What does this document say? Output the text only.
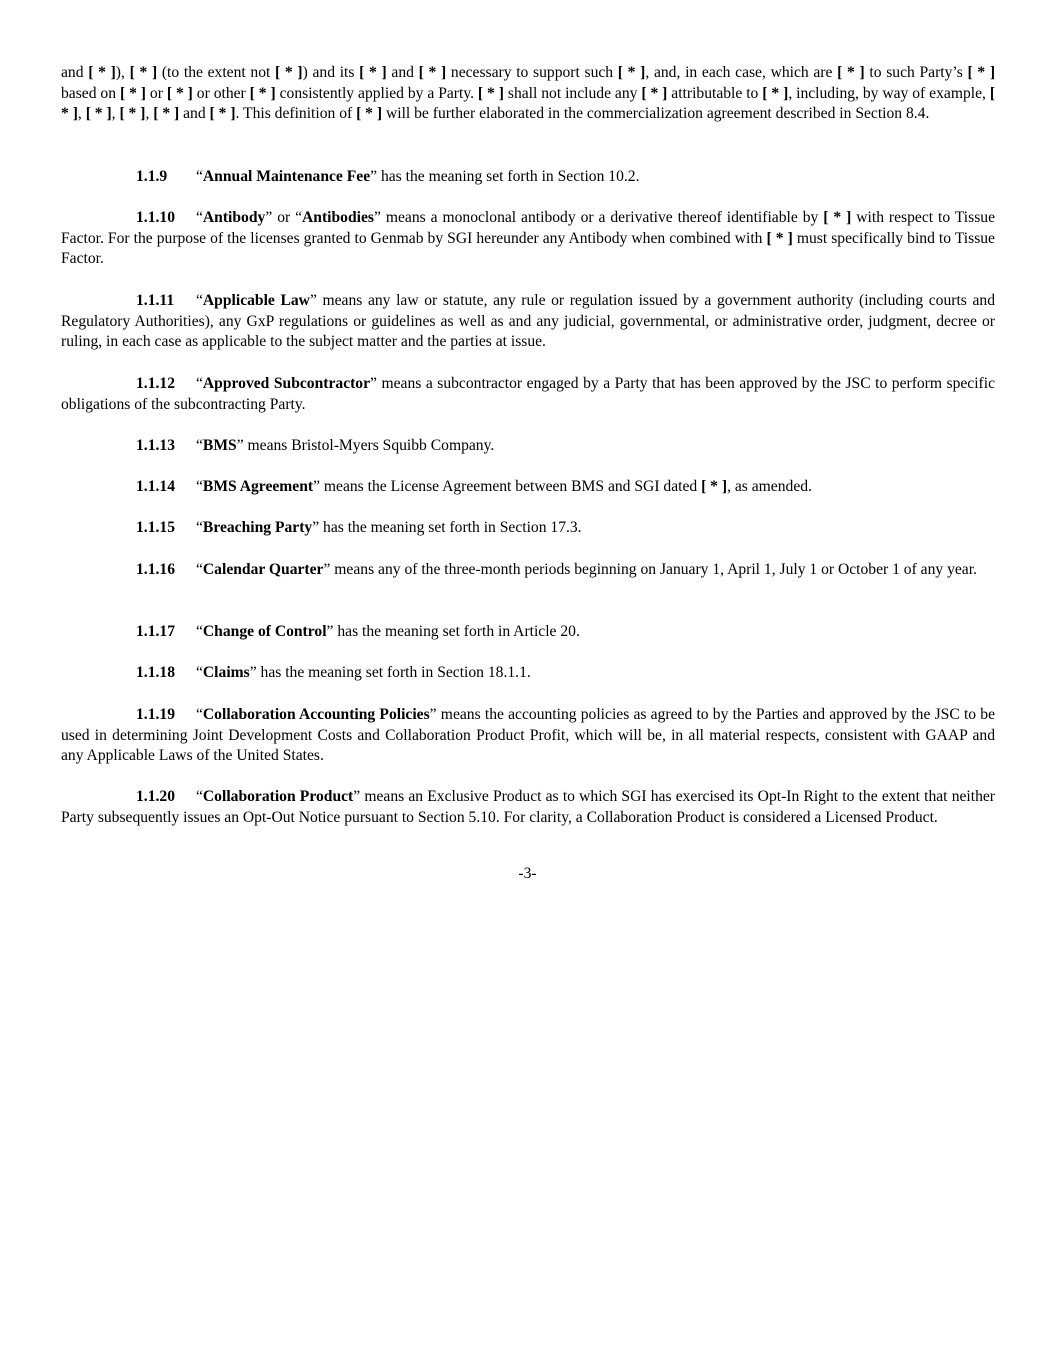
and [ * ]), [ * ] (to the extent not [ * ]) and its [ * ] and [ * ] necessary to support such [ * ], and, in each case, which are [ * ] to such Party’s [ * ] based on [ * ] or [ * ] or other [ * ] consistently applied by a Party. [ * ] shall not include any [ * ] attributable to [ * ], including, by way of example, [ * ], [ * ], [ * ], [ * ] and [ * ]. This definition of [ * ] will be further elaborated in the commercialization agreement described in Section 8.4.

1.1.9 “Annual Maintenance Fee” has the meaning set forth in Section 10.2.

1.1.10 “Antibody” or “Antibodies” means a monoclonal antibody or a derivative thereof identifiable by [ * ] with respect to Tissue Factor. For the purpose of the licenses granted to Genmab by SGI hereunder any Antibody when combined with [ * ] must specifically bind to Tissue Factor.

1.1.11 “Applicable Law” means any law or statute, any rule or regulation issued by a government authority (including courts and Regulatory Authorities), any GxP regulations or guidelines as well as and any judicial, governmental, or administrative order, judgment, decree or ruling, in each case as applicable to the subject matter and the parties at issue.

1.1.12 “Approved Subcontractor” means a subcontractor engaged by a Party that has been approved by the JSC to perform specific obligations of the subcontracting Party.

1.1.13 “BMS” means Bristol-Myers Squibb Company.

1.1.14 “BMS Agreement” means the License Agreement between BMS and SGI dated [ * ], as amended.

1.1.15 “Breaching Party” has the meaning set forth in Section 17.3.

1.1.16 “Calendar Quarter” means any of the three-month periods beginning on January 1, April 1, July 1 or October 1 of any year.

1.1.17 “Change of Control” has the meaning set forth in Article 20.

1.1.18 “Claims” has the meaning set forth in Section 18.1.1.

1.1.19 “Collaboration Accounting Policies” means the accounting policies as agreed to by the Parties and approved by the JSC to be used in determining Joint Development Costs and Collaboration Product Profit, which will be, in all material respects, consistent with GAAP and any Applicable Laws of the United States.

1.1.20 “Collaboration Product” means an Exclusive Product as to which SGI has exercised its Opt-In Right to the extent that neither Party subsequently issues an Opt-Out Notice pursuant to Section 5.10. For clarity, a Collaboration Product is considered a Licensed Product.

-3-
